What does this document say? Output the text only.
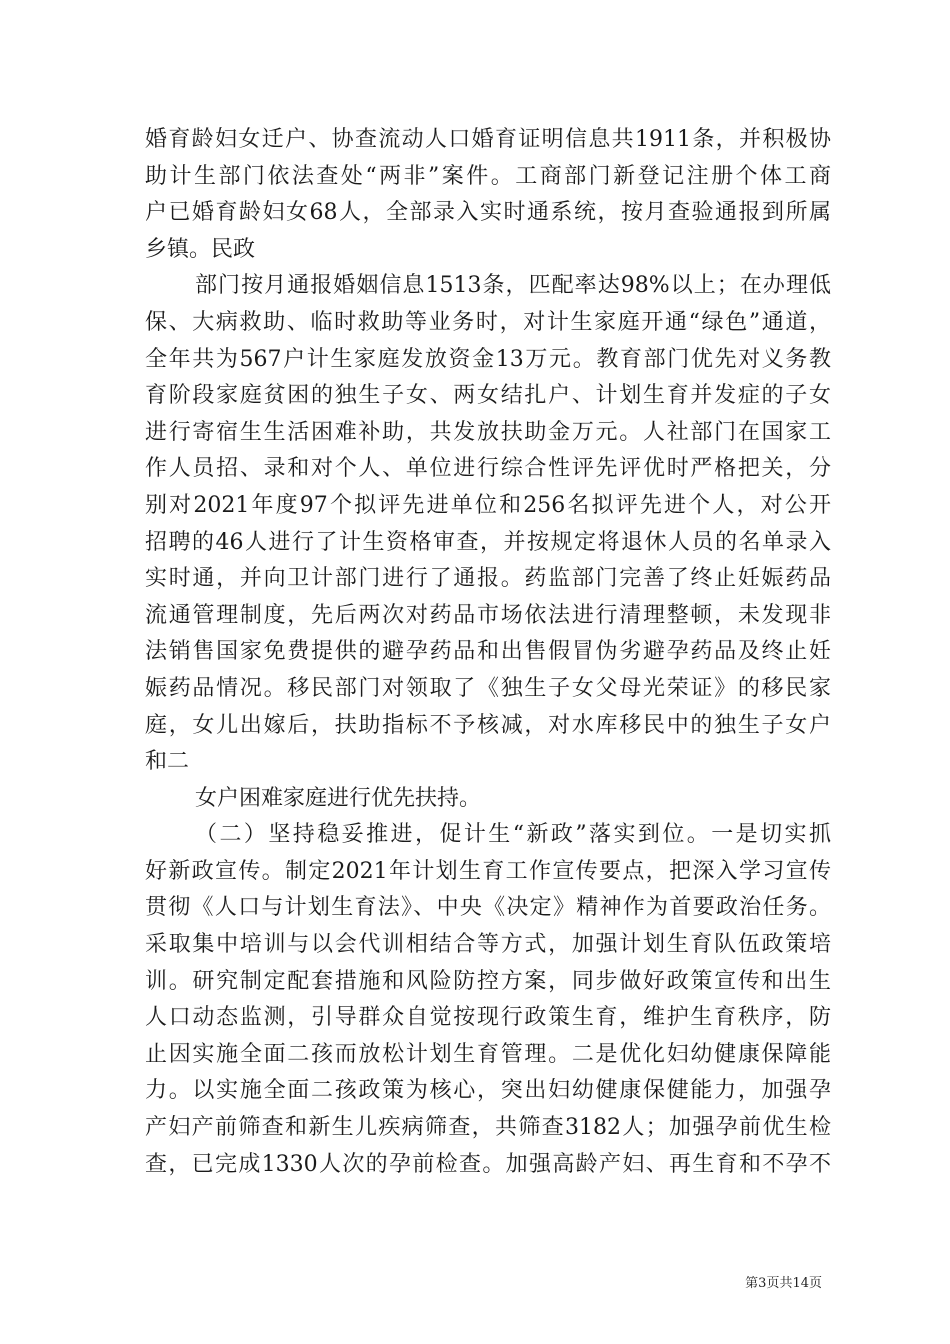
婚育龄妇女迁户、协查流动人口婚育证明信息共1911条，并积极协
助计生部门依法查处“两非”案件。工商部门新登记注册个体工商
户已婚育龄妇女68人，全部录入实时通系统，按月查验通报到所属
乡镇。民政
部门按月通报婚姻信息1513条，匹配率达98%以上；在办理低
保、大病救助、临时救助等业务时，对计生家庭开通“绿色”通道，
全年共为567户计生家庭发放资金13万元。教育部门优先对义务教
育阶段家庭贫困的独生子女、两女结扎户、计划生育并发症的子女
进行寄宿生生活困难补助，共发放扶助金万元。人社部门在国家工
作人员招、录和对个人、单位进行综合性评先评优时严格把关，分
别对2021年度97个拟评先进单位和256名拟评先进个人，对公开
招聘的46人进行了计生资格审查，并按规定将退休人员的名单录入
实时通，并向卫计部门进行了通报。药监部门完善了终止妊娠药品
流通管理制度，先后两次对药品市场依法进行清理整顿，未发现非
法销售国家免费提供的避孕药品和出售假冒伪劣避孕药品及终止妊
娠药品情况。移民部门对领取了《独生子女父母光荣证》的移民家
庭，女儿出嫁后，扶助指标不予核减，对水库移民中的独生子女户
和二
女户困难家庭进行优先扶持。
（二）坚持稳妥推进，促计生“新政”落实到位。一是切实抓
好新政宣传。制定2021年计划生育工作宣传要点，把深入学习宣传
贯彻《人口与计划生育法》、中央《决定》精神作为首要政治任务。
采取集中培训与以会代训相结合等方式，加强计划生育队伍政策培
训。研究制定配套措施和风险防控方案，同步做好政策宣传和出生
人口动态监测，引导群众自觉按现行政策生育，维护生育秩序，防
止因实施全面二孩而放松计划生育管理。二是优化妇幼健康保障能
力。以实施全面二孩政策为核心，突出妇幼健康保健能力，加强孕
产妇产前筛查和新生儿疾病筛查，共筛查3182人；加强孕前优生检
查，已完成1330人次的孕前检查。加强高龄产妇、再生育和不孕不
第3页共14页
